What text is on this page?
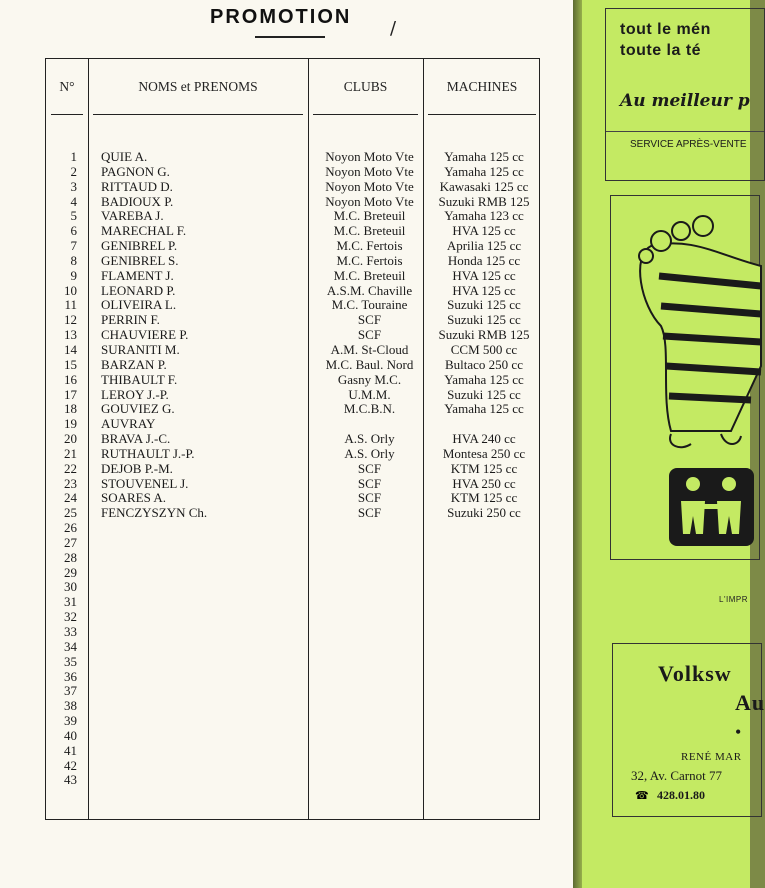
PROMOTION
/
N°	NOMS et PRENOMS	CLUBS	MACHINES
1 QUIE A.	Noyon Moto Vte	Yamaha 125 cc
2 PAGNON G.	Noyon Moto Vte	Yamaha 125 cc
3 RITTAUD D.	Noyon Moto Vte	Kawasaki 125 cc
4 BADIOUX P.	Noyon Moto Vte	Suzuki RMB 125
5 VAREBA J.	M.C. Breteuil	Yamaha 123 cc
6 MARECHAL F.	M.C. Breteuil	HVA 125 cc
7 GENIBREL P.	M.C. Fertois	Aprilia 125 cc
8 GENIBREL S.	M.C. Fertois	Honda 125 cc
9 FLAMENT J.	M.C. Breteuil	HVA 125 cc
10 LEONARD P.	A.S.M. Chaville	HVA 125 cc
11 OLIVEIRA L.	M.C. Touraine	Suzuki 125 cc
12 PERRIN F.	SCF	Suzuki 125 cc
13 CHAUVIERE P.	SCF	Suzuki RMB 125
14 SURANITI M.	A.M. St-Cloud	CCM 500 cc
15 BARZAN P.	M.C. Baul. Nord	Bultaco 250 cc
16 THIBAULT F.	Gasny M.C.	Yamaha 125 cc
17 LEROY J.-P.	U.M.M.	Suzuki 125 cc
18 GOUVIEZ G.	M.C.B.N.	Yamaha 125 cc
19 AUVRAY
20 BRAVA J.-C.	A.S. Orly	HVA 240 cc
21 RUTHAULT J.-P.	A.S. Orly	Montesa 250 cc
22 DEJOB P.-M.	SCF	KTM 125 cc
23 STOUVENEL J.	SCF	HVA 250 cc
24 SOARES A.	SCF	KTM 125 cc
25 FENCZYSZYN Ch.	SCF	Suzuki 250 cc
26
27
28
29
30
31
32
33
34
35
36
37
38
39
40
41
42
43
tout le mén
toute la té
Au meilleur p
SERVICE APRÈS-VENTE
L'IMPR
Volksw
Au
•
RENÉ MAR
32, Av. Carnot 77
☎ 428.01.80
